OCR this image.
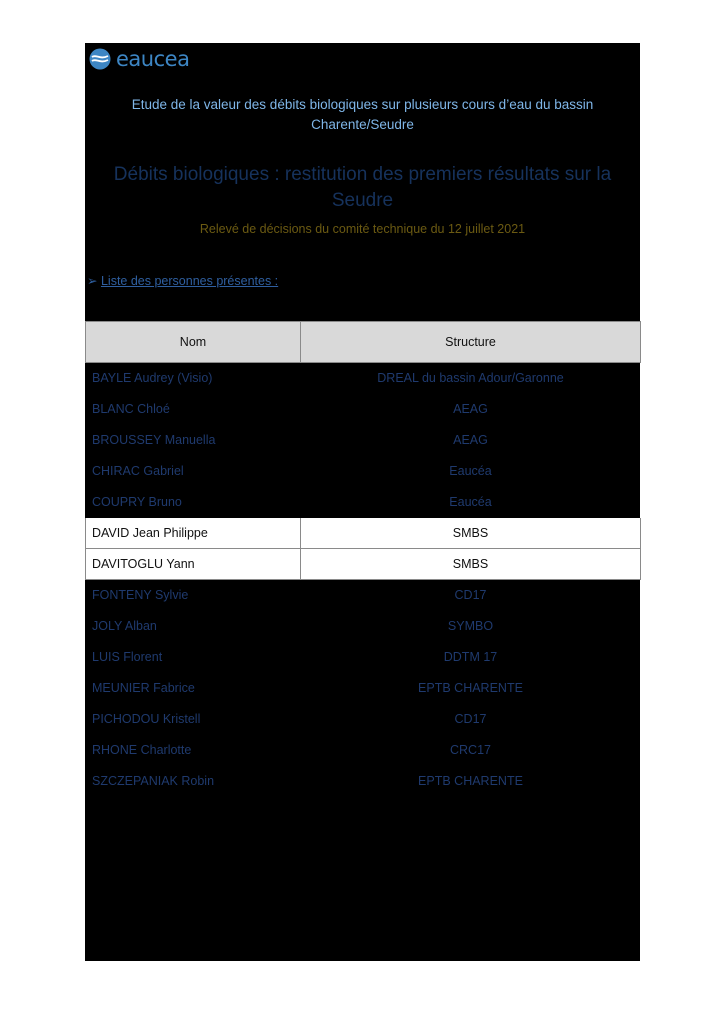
eaucea
Etude de la valeur des débits biologiques sur plusieurs cours d’eau du bassin
Charente/Seudre
Débits biologiques : restitution des premiers résultats sur la
Seudre
Relevé de décisions du comité technique du 12 juillet 2021
➢ Liste des personnes présentes :
Nom	Structure
BAYLE Audrey (Visio)	DREAL du bassin Adour/Garonne
BLANC Chloé	AEAG
BROUSSEY Manuella	AEAG
CHIRAC Gabriel	Eaucéa
COUPRY Bruno	Eaucéa
DAVID Jean Philippe	SMBS
DAVITOGLU Yann	SMBS
FONTENY Sylvie	CD17
JOLY Alban	SYMBO
LUIS Florent	DDTM 17
MEUNIER Fabrice	EPTB CHARENTE
PICHODOU Kristell	CD17
RHONE Charlotte	CRC17
SZCZEPANIAK Robin	EPTB CHARENTE
